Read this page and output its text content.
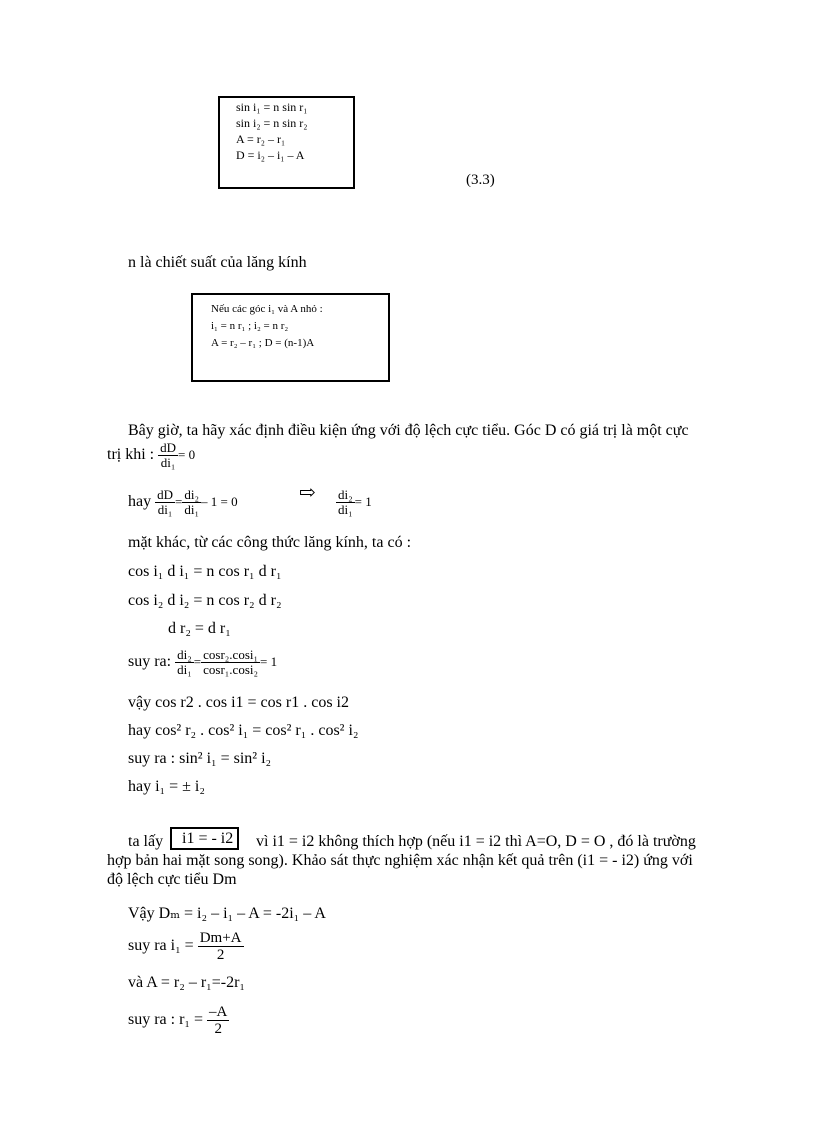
sin i₁ = n sin r₁
sin i₂ = n sin r₂
A = r₂ – r₁
D = i₂ – i₁ – A
(3.3)
n là chiết suất của lăng kính
Nếu các góc i₁ và A nhỏ :
i₁ = n r₁ ; i₂ = n r₂
A = r₂ – r₁ ; D = (n-1)A
Bây giờ, ta hãy xác định điều kiện ứng với độ lệch cực tiểu. Góc D có giá trị là một cực
trị khi : $\frac{dD}{\text{di₁}} = 0$
hay $\frac{dD}{\text{di₁}} = \frac{\text{di₂}}{\text{di₁}} - 1 = 0$	⇨ $\frac{\text{di₂}}{\text{di₁}} = 1$
mặt khác, từ các công thức lăng kính, ta có :
cos i₁ d i₁ = n cos r₁ d r₁
cos i₂ d i₂ = n cos r₂ d r₂
d r₂ = d r₁
suy ra: $\frac{\text{di₂}}{\text{di₁}} = \frac{\text{cosr₂.cosi₁}}{\text{cosr₁.cosi₂}} = 1$
vậy cos r2 . cos i1 = cos r1 . cos i2
hay cos² r₂ . cos² i₁ = cos² r₁ . cos² i₂
suy ra : sin² i₁ = sin² i₂
hay i₁ = ± i₂
ta lấy	i1 = - i2	vì i1 = i2 không thích hợp (nếu i1 = i2 thì A=O, D = O , đó là trường
hợp bản hai mặt song song). Khảo sát thực nghiệm xác nhận kết quả trên (i1 = - i2) ứng với
độ lệch cực tiểu Dm
Vậy Dₘ = i₂ – i₁ – A = -2i₁ – A
suy ra $i_1 = \frac{Dm+A}{2}$
và A = r₂ – r₁=-2r₁
suy ra : $r_1 = \frac{-A}{2}$
